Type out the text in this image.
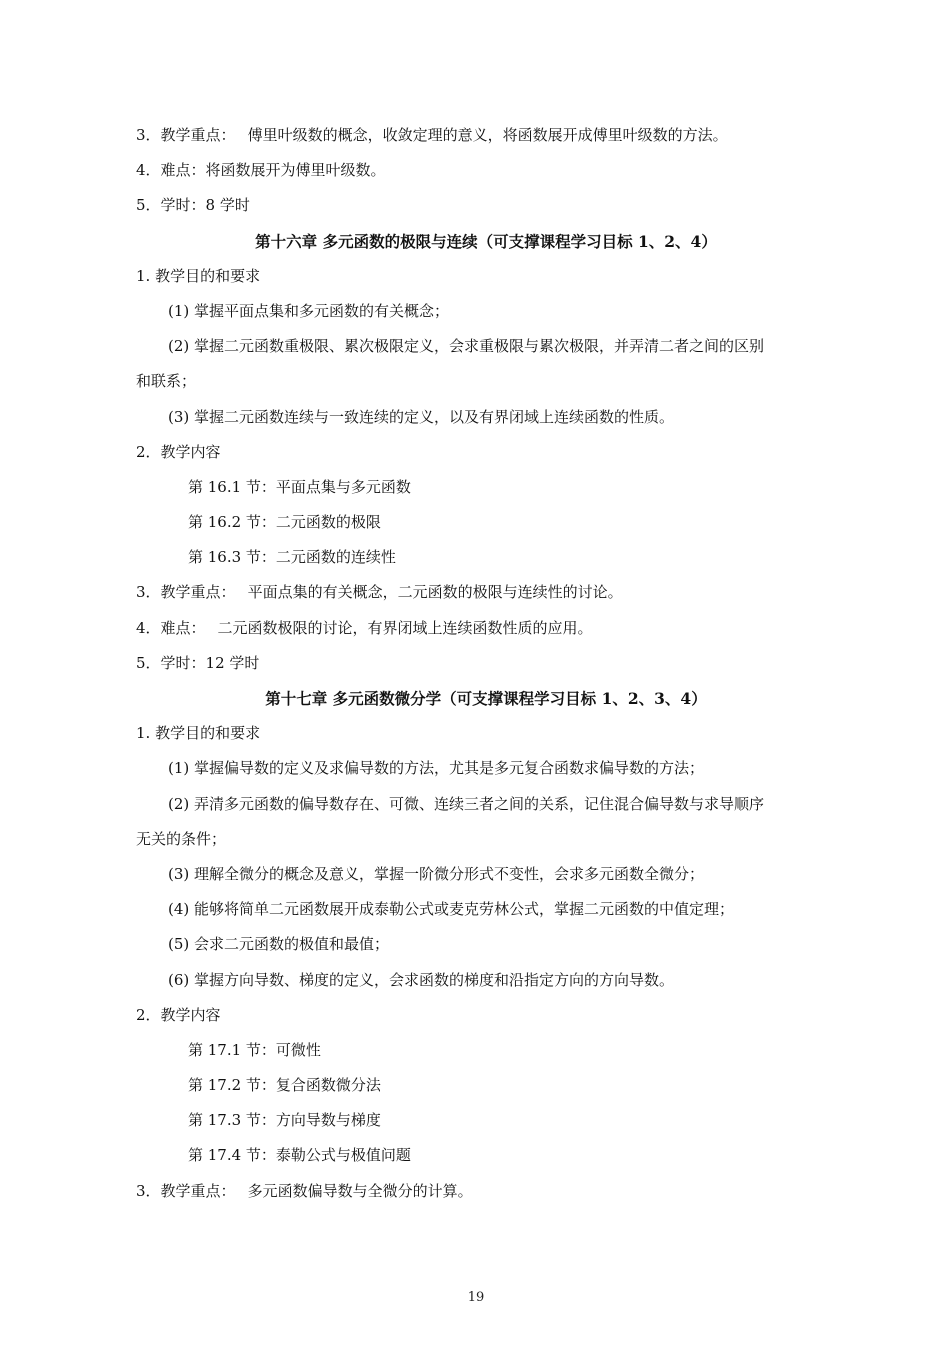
3．教学重点： 傅里叶级数的概念，收敛定理的意义，将函数展开成傅里叶级数的方法。
4．难点：将函数展开为傅里叶级数。
5．学时：8 学时
第十六章 多元函数的极限与连续（可支撑课程学习目标 1、2、4）
1. 教学目的和要求
(1) 掌握平面点集和多元函数的有关概念；
(2) 掌握二元函数重极限、累次极限定义，会求重极限与累次极限，并弄清二者之间的区别
和联系；
(3) 掌握二元函数连续与一致连续的定义，以及有界闭域上连续函数的性质。
2．教学内容
第 16.1 节：平面点集与多元函数
第 16.2 节：二元函数的极限
第 16.3 节：二元函数的连续性
3．教学重点： 平面点集的有关概念，二元函数的极限与连续性的讨论。
4．难点： 二元函数极限的讨论，有界闭域上连续函数性质的应用。
5．学时：12 学时
第十七章 多元函数微分学（可支撑课程学习目标 1、2、3、4）
1. 教学目的和要求
(1) 掌握偏导数的定义及求偏导数的方法，尤其是多元复合函数求偏导数的方法；
(2) 弄清多元函数的偏导数存在、可微、连续三者之间的关系，记住混合偏导数与求导顺序
无关的条件；
(3) 理解全微分的概念及意义，掌握一阶微分形式不变性，会求多元函数全微分；
(4) 能够将简单二元函数展开成泰勒公式或麦克劳林公式，掌握二元函数的中值定理；
(5) 会求二元函数的极值和最值；
(6) 掌握方向导数、梯度的定义，会求函数的梯度和沿指定方向的方向导数。
2．教学内容
第 17.1 节：可微性
第 17.2 节：复合函数微分法
第 17.3 节：方向导数与梯度
第 17.4 节：泰勒公式与极值问题
3．教学重点： 多元函数偏导数与全微分的计算。
19
